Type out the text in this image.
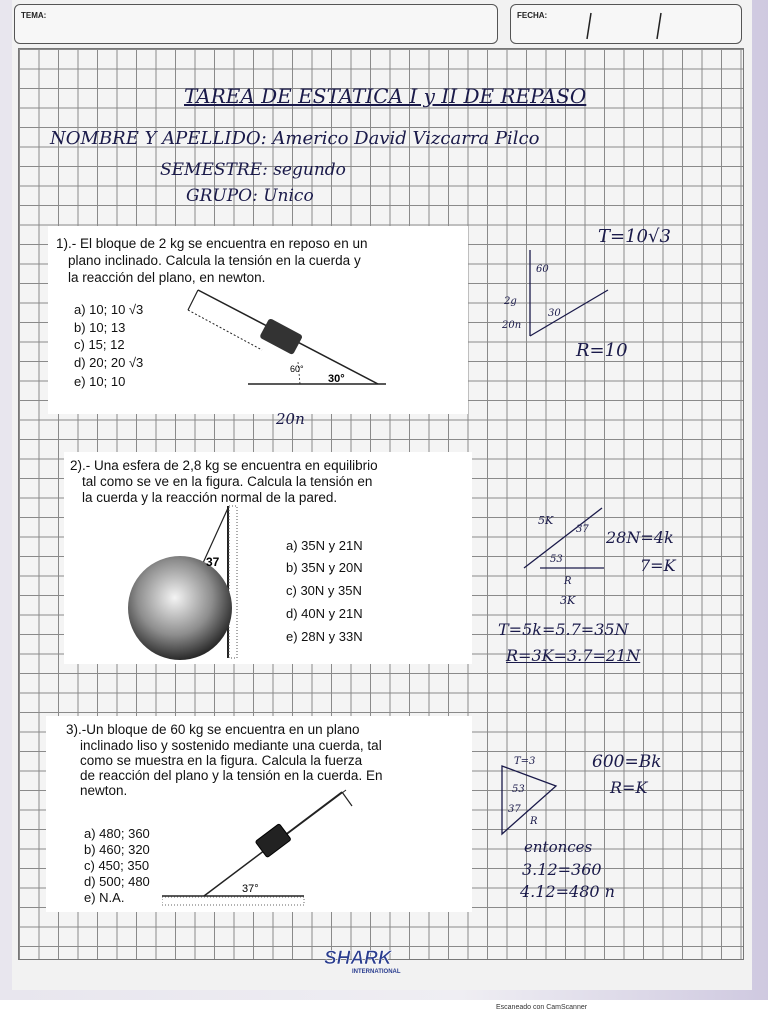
TEMA:	FECHA:
TAREA DE ESTATICA I y II DE REPASO
NOMBRE Y APELLIDO: Americo David Vizcarra Pilco
SEMESTRE: segundo
GRUPO: Unico
1).- El bloque de 2 kg se encuentra en reposo en un
plano inclinado. Calcula la tensión en la cuerda y
la reacción del plano, en newton.
a) 10; 10 √3
b) 10; 13
c) 15; 12
d) 20; 20 √3
e) 10; 10
60°
30°
20n
T=10√3
R=10
60
30
2g
20n
2).- Una esfera de 2,8 kg se encuentra en equilibrio
tal como se ve en la figura. Calcula la tensión en
la cuerda y la reacción normal de la pared.
a) 35N y 21N
b) 35N y 20N
c) 30N y 35N
d) 40N y 21N
e) 28N y 33N
37
5K
37
53
R
3K
28N=4k
7=K
T=5k=5.7=35N
R=3K=3.7=21N
3).-Un bloque de 60 kg se encuentra en un plano
inclinado liso y sostenido mediante una cuerda, tal
como se muestra en la figura. Calcula la fuerza
de reacción del plano y la tensión en la cuerda. En
newton.
a) 480; 360
b) 460; 320
c) 450; 350
d) 500; 480
e) N.A.
37°
T=3
53
37
R
600=Bk
R=K
entonces
3.12=360
4.12=480 n
SHARK
INTERNATIONAL
Escaneado con CamScanner
